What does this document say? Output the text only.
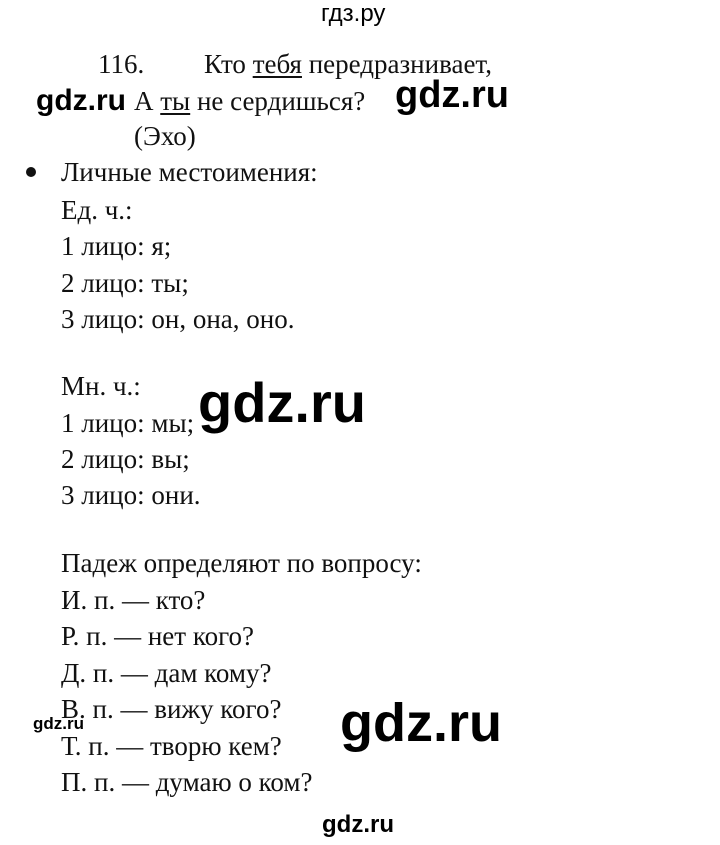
гдз.ру
116. Кто тебя передразнивает,
А ты не сердишься?
(Эхо)
Личные местоимения:
Ед. ч.:
1 лицо: я;
2 лицо: ты;
3 лицо: он, она, оно.
Мн. ч.:
1 лицо: мы;
2 лицо: вы;
3 лицо: они.
Падеж определяют по вопросу:
И. п. — кто?
Р. п. — нет кого?
Д. п. — дам кому?
В. п. — вижу кого?
Т. п. — творю кем?
П. п. — думаю о ком?
gdz.ru	gdz.ru
gdz.ru
gdz.ru	gdz.ru
gdz.ru
